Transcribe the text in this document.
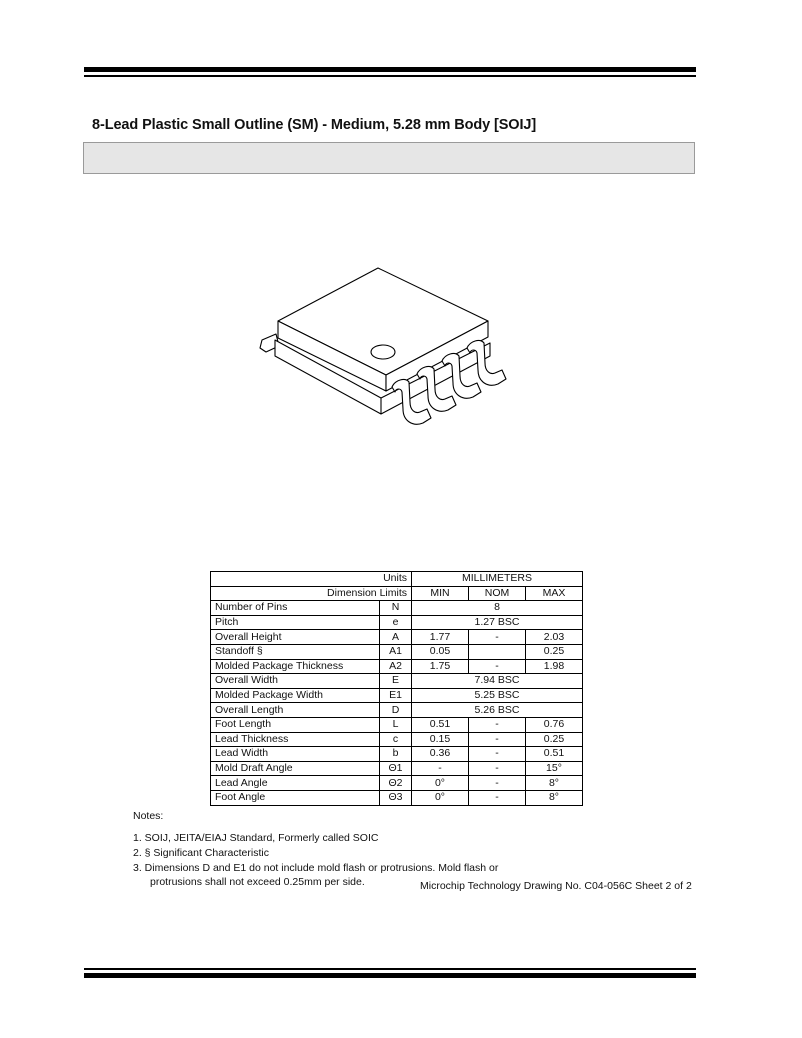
8-Lead Plastic Small Outline (SM) - Medium, 5.28 mm Body [SOIJ]
Units		MILLIMETERS		
Dimension Limits		MIN	NOM	MAX
Number of Pins	N	8		
Pitch	e	1.27 BSC		
Overall Height	A	1.77	-	2.03
Standoff §	A1	0.05		0.25
Molded Package Thickness	A2	1.75	-	1.98
Overall Width	E	7.94 BSC		
Molded Package Width	E1	5.25 BSC		
Overall Length	D	5.26 BSC		
Foot Length	L	0.51	-	0.76
Lead Thickness	c	0.15	-	0.25
Lead Width	b	0.36	-	0.51
Mold Draft Angle	Θ1	-	-	15°
Lead Angle	Θ2	0°	-	8°
Foot Angle	Θ3	0°	-	8°
Notes:
1. SOIJ, JEITA/EIAJ Standard, Formerly called SOIC
2. § Significant Characteristic
3. Dimensions D and E1 do not include mold flash or protrusions. Mold flash or
protrusions shall not exceed 0.25mm per side.	Microchip Technology Drawing No. C04-056C Sheet 2 of 2
